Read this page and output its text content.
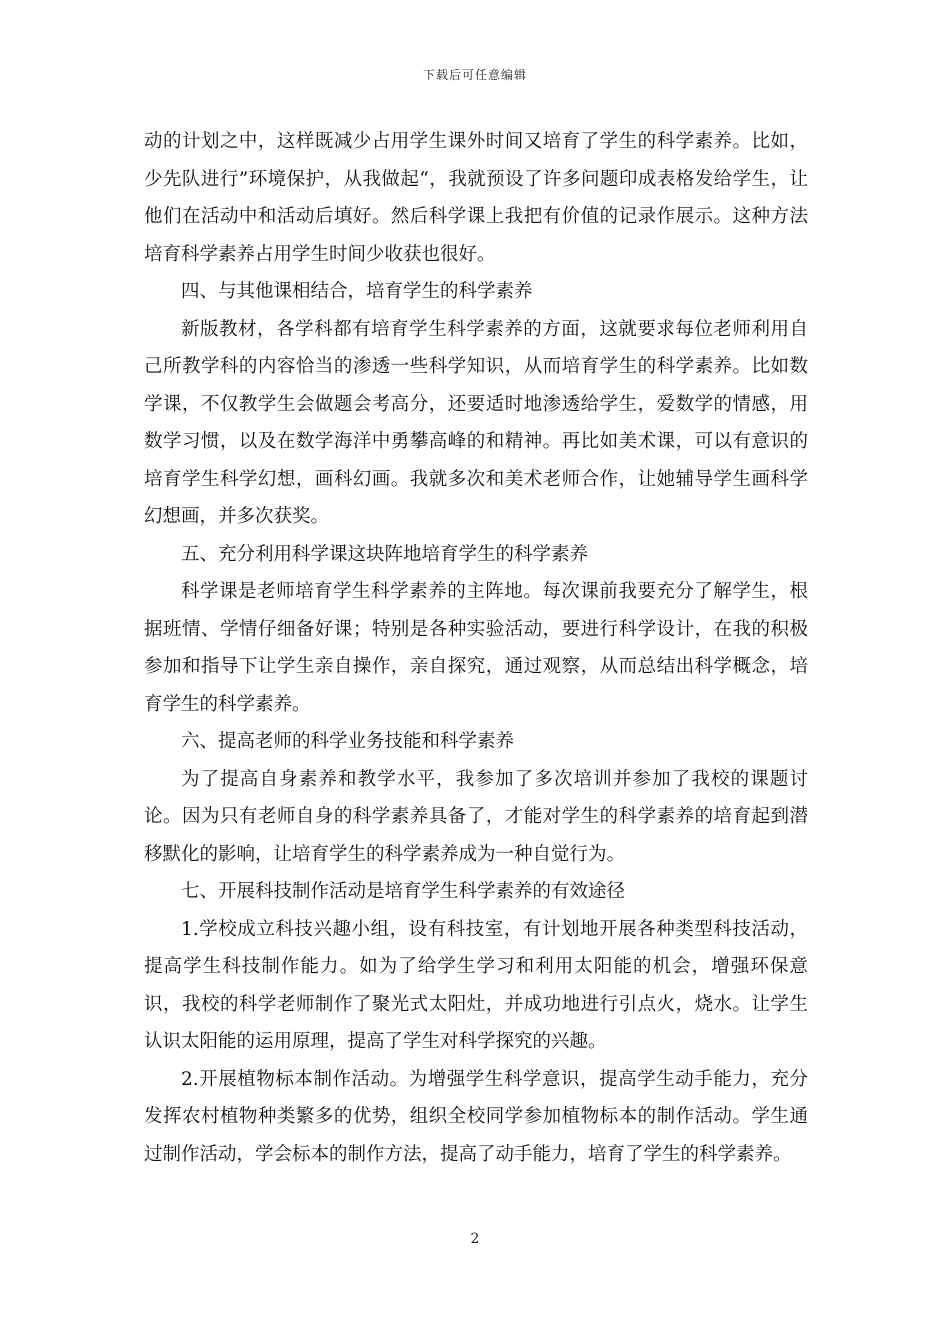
下载后可任意编辑

动的计划之中，这样既减少占用学生课外时间又培育了学生的科学素养。比如，少先队进行”环境保护，从我做起“，我就预设了许多问题印成表格发给学生，让他们在活动中和活动后填好。然后科学课上我把有价值的记录作展示。这种方法培育科学素养占用学生时间少收获也很好。

四、与其他课相结合，培育学生的科学素养

新版教材，各学科都有培育学生科学素养的方面，这就要求每位老师利用自己所教学科的内容恰当的渗透一些科学知识，从而培育学生的科学素养。比如数学课，不仅教学生会做题会考高分，还要适时地渗透给学生，爱数学的情感，用数学习惯，以及在数学海洋中勇攀高峰的和精神。再比如美术课，可以有意识的培育学生科学幻想，画科幻画。我就多次和美术老师合作，让她辅导学生画科学幻想画，并多次获奖。

五、充分利用科学课这块阵地培育学生的科学素养

科学课是老师培育学生科学素养的主阵地。每次课前我要充分了解学生，根据班情、学情仔细备好课；特别是各种实验活动，要进行科学设计，在我的积极参加和指导下让学生亲自操作，亲自探究，通过观察，从而总结出科学概念，培育学生的科学素养。

六、提高老师的科学业务技能和科学素养

为了提高自身素养和教学水平，我参加了多次培训并参加了我校的课题讨论。因为只有老师自身的科学素养具备了，才能对学生的科学素养的培育起到潜移默化的影响，让培育学生的科学素养成为一种自觉行为。

七、开展科技制作活动是培育学生科学素养的有效途径

1.学校成立科技兴趣小组，设有科技室，有计划地开展各种类型科技活动，提高学生科技制作能力。如为了给学生学习和利用太阳能的机会，增强环保意识，我校的科学老师制作了聚光式太阳灶，并成功地进行引点火，烧水。让学生认识太阳能的运用原理，提高了学生对科学探究的兴趣。

2.开展植物标本制作活动。为增强学生科学意识，提高学生动手能力，充分发挥农村植物种类繁多的优势，组织全校同学参加植物标本的制作活动。学生通过制作活动，学会标本的制作方法，提高了动手能力，培育了学生的科学素养。

2
